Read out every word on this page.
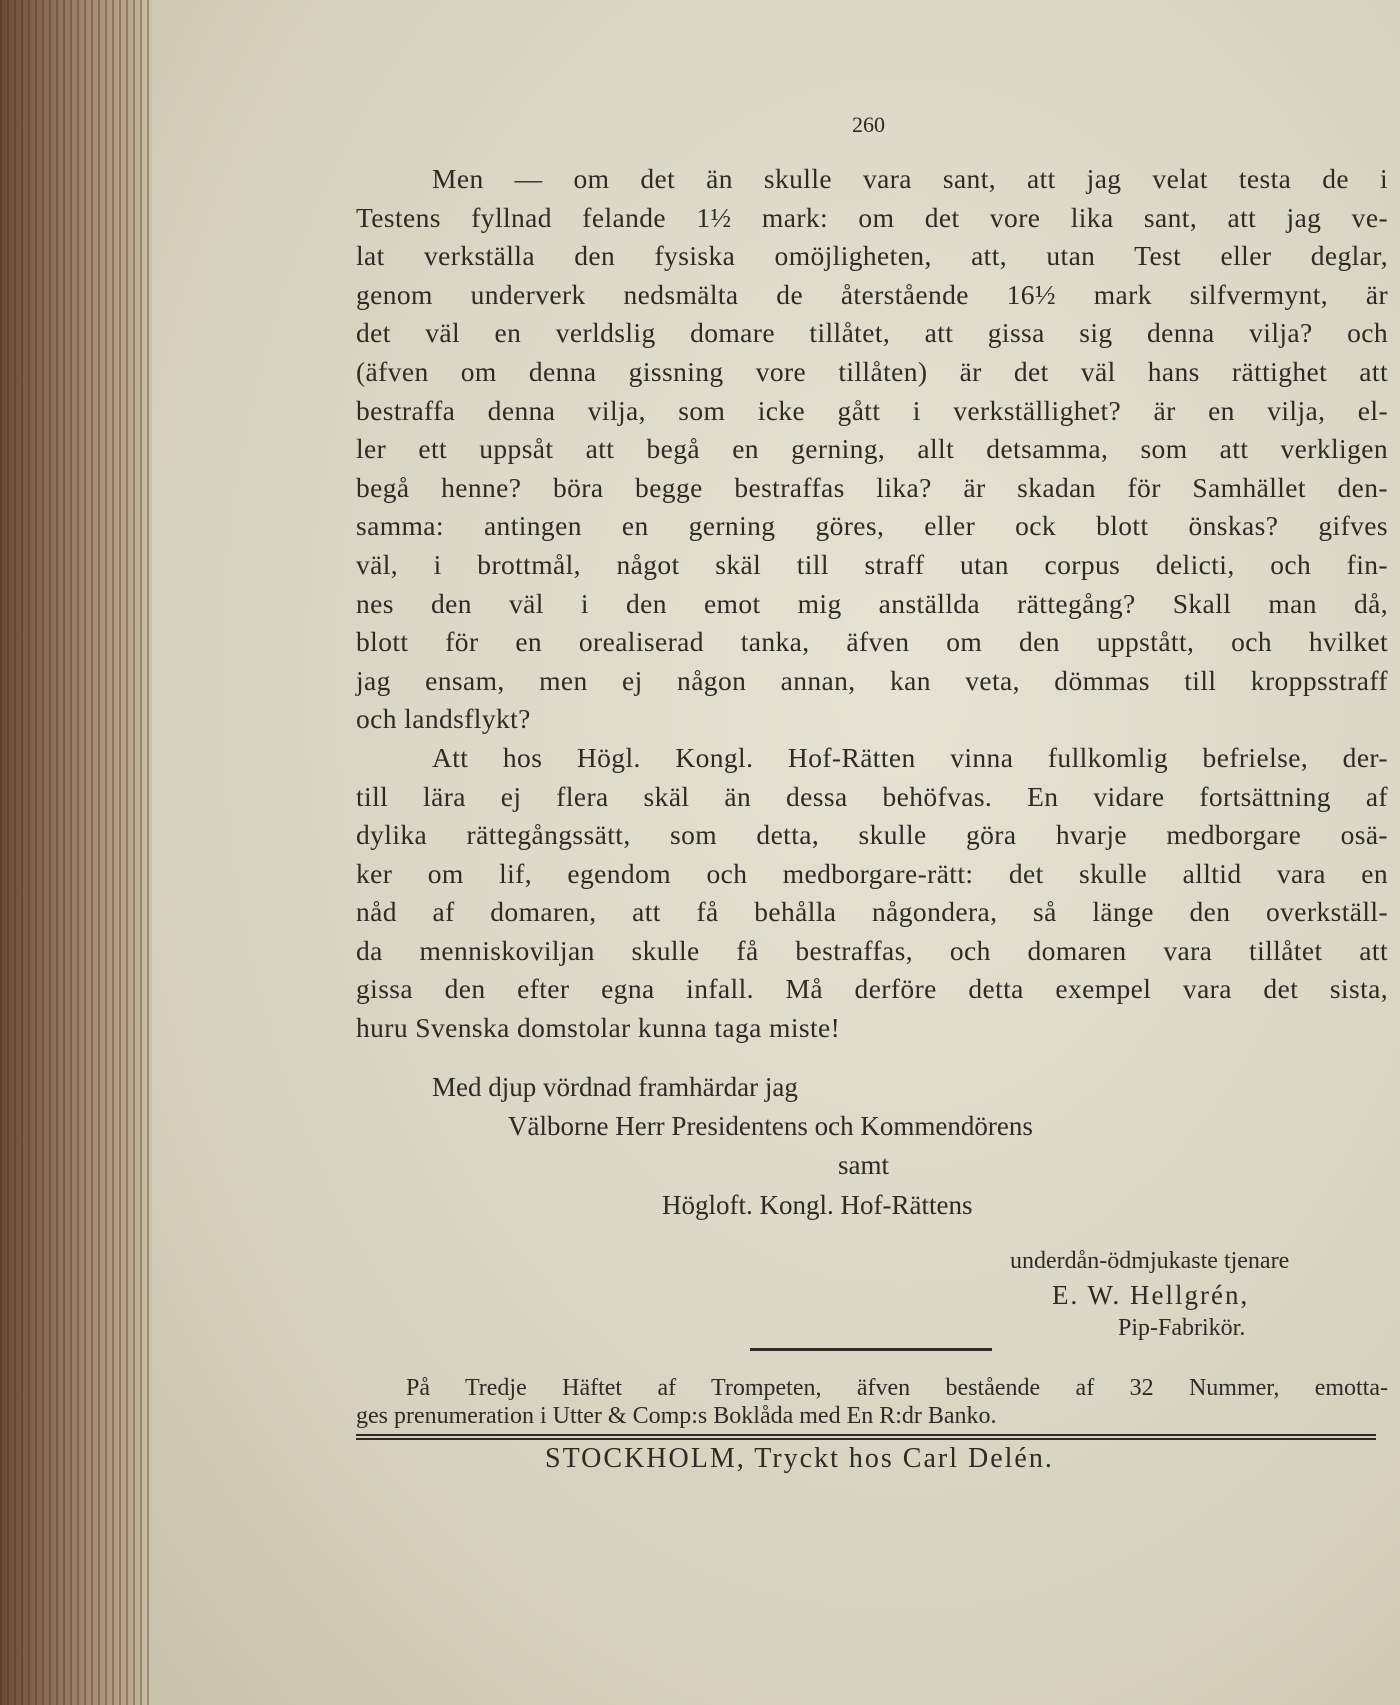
260
Men — om det än skulle vara sant, att jag velat testa de i
Testens fyllnad felande 1½ mark: om det vore lika sant, att jag ve-
lat verkställa den fysiska omöjligheten, att, utan Test eller deglar,
genom underverk nedsmälta de återstående 16½ mark silfvermynt, är
det väl en verldslig domare tillåtet, att gissa sig denna vilja? och
(äfven om denna gissning vore tillåten) är det väl hans rättighet att
bestraffa denna vilja, som icke gått i verkställighet? är en vilja, el-
ler ett uppsåt att begå en gerning, allt detsamma, som att verkligen
begå henne? böra begge bestraffas lika? är skadan för Samhället den-
samma: antingen en gerning göres, eller ock blott önskas? gifves
väl, i brottmål, något skäl till straff utan corpus delicti, och fin-
nes den väl i den emot mig anställda rättegång? Skall man då,
blott för en orealiserad tanka, äfven om den uppstått, och hvilket
jag ensam, men ej någon annan, kan veta, dömmas till kroppsstraff
och landsflykt?
Att hos Högl. Kongl. Hof-Rätten vinna fullkomlig befrielse, der-
till lära ej flera skäl än dessa behöfvas. En vidare fortsättning af
dylika rättegångssätt, som detta, skulle göra hvarje medborgare osä-
ker om lif, egendom och medborgare-rätt: det skulle alltid vara en
nåd af domaren, att få behålla någondera, så länge den overkställ-
da menniskoviljan skulle få bestraffas, och domaren vara tillåtet att
gissa den efter egna infall. Må derföre detta exempel vara det sista,
huru Svenska domstolar kunna taga miste!
Med djup vördnad framhärdar jag
Välborne Herr Presidentens och Kommendörens
samt
Högloft. Kongl. Hof-Rättens
underdån-ödmjukaste tjenare
E. W. Hellgrén,
Pip-Fabrikör.
På Tredje Häftet af Trompeten, äfven bestående af 32 Nummer, emotta-
ges prenumeration i Utter & Comp:s Boklåda med En R:dr Banko.
STOCKHOLM, Tryckt hos Carl Delén.
